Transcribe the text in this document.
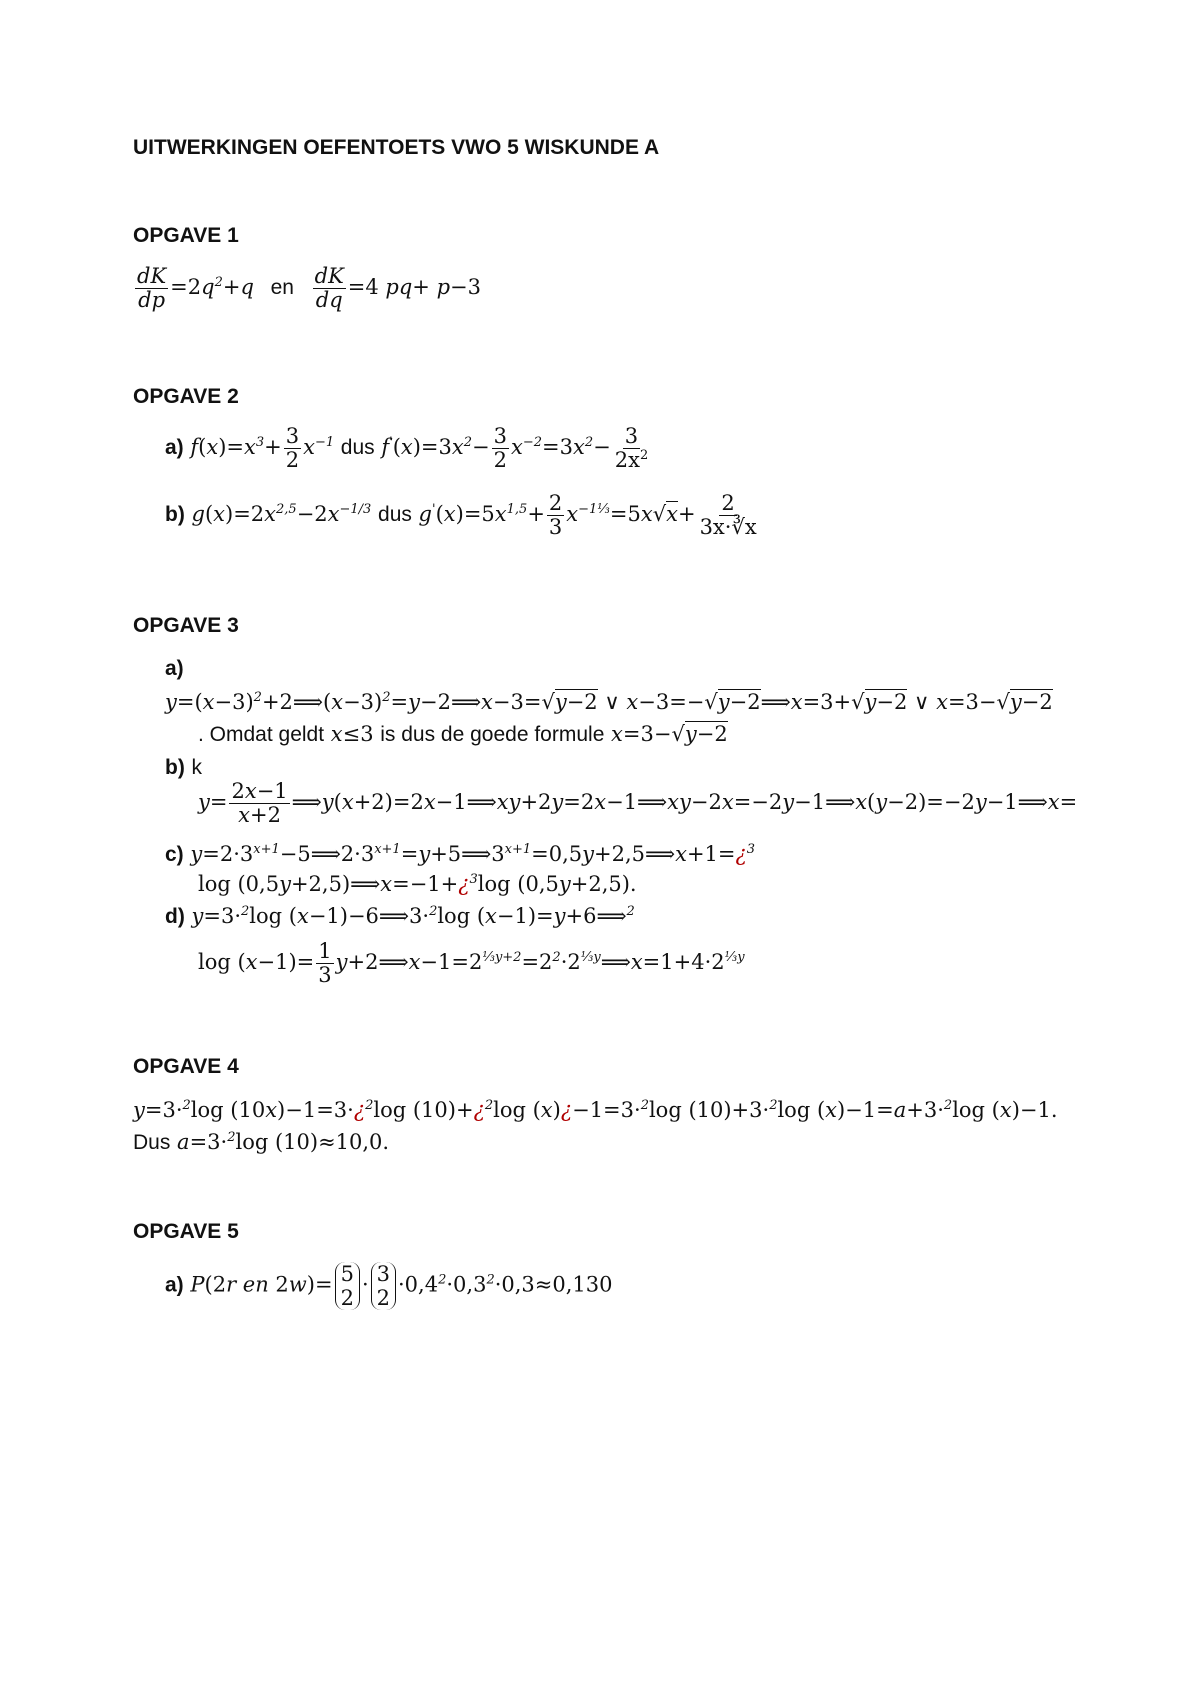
UITWERKINGEN OEFENTOETS VWO 5 WISKUNDE A
OPGAVE 1
$\frac{dK}{dp} =2q^2+q$ en $\frac{dK}{dq} =4$ pq+ p−3
OPGAVE 2
a) $f(x)=x^3+ \frac{3}{2} x^{-1}$ dus $f'(x)=3x^2- \frac{3}{2} x^{-2}=3x^2- \frac{3}{2x^2}$
b) $g(x)=2x^{2,5}-2x^{-1/3}$ dus $g'(x)=5x^{1,5}+ \frac{2}{3} x^{-1\frac{1}{3}}=5x√x+ \frac{2}{3x\cdot∛x}$
OPGAVE 3
a)
$y=(x-3)^2+2⟹(x-3)^2=y-2⟹x-3=√y-2$ ∨ x−3=−√y−2⟹x=3+√y−2 ∨ x=3−√y−2
. Omdat geldt x≤3 is dus de goede formule x=3−√y−2
b) k
$y= \frac{2x-1}{x+2}$ ⟹y(x+2)=2x−1⟹xy+2y=2x−1⟹xy−2x=−2y−1⟹x(y−2)=−2y−1⟹x=
c) $y=2\cdot 3^{x+1}-5⟹2\cdot 3^{x+1}=y+5⟹3^{x+1}=0,5y+2,5⟹x+1=¿^3$
log (0,5y+2,5)⟹x=−1+¿$^3$log (0,5y+2,5).
d) y=3·$^2$log (x−1)−6⟹3·$^2$log (x−1)=y+6⟹$^2$
$\log (x-1)= \frac{1}{3}$ $y+2⟹x-1=2^{\frac{1}{3}y+2}=2^2\cdot 2^{\frac{1}{3}y}⟹x=1+4\cdot 2^{\frac{1}{3}y}$
OPGAVE 4
y=3·$^2$log (10x)−1=3·¿$^2$log (10)+¿$^2$log (x)¿−1=3·$^2$log (10)+3·$^2$log (x)−1=a+3·$^2$log (x)−1.
Dus a=3·$^2$log (10)≈10,0.
OPGAVE 5
a) P(2r en 2w)= 5
2
· 3
2
$\cdot 0,4^2\cdot 0,3^2\cdot 0,3\approx 0,130$
